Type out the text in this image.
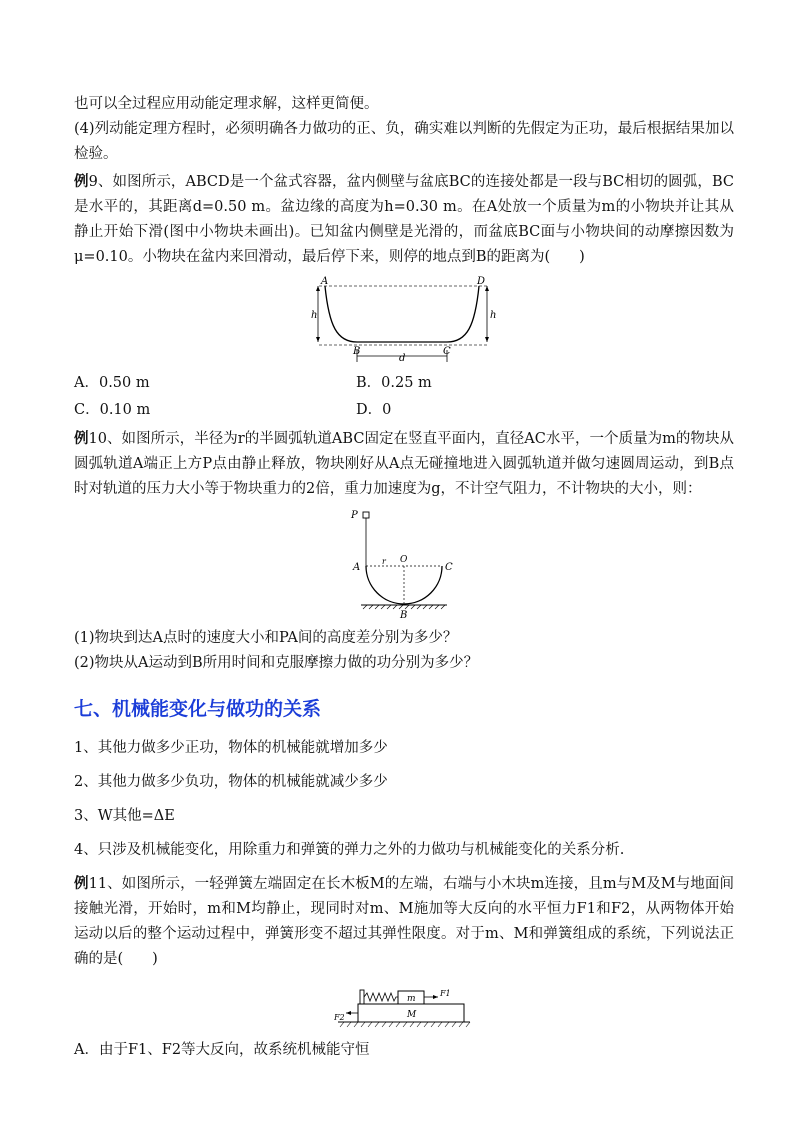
也可以全过程应用动能定理求解，这样更简便。

(4)列动能定理方程时，必须明确各力做功的正、负，确实难以判断的先假定为正功，最后根据结果加以检验。

例9、如图所示，ABCD是一个盆式容器，盆内侧壁与盆底BC的连接处都是一段与BC相切的圆弧，BC是水平的，其距离d=0.50 m。盆边缘的高度为h=0.30 m。在A处放一个质量为m的小物块并让其从静止开始下滑(图中小物块未画出)。已知盆内侧壁是光滑的，而盆底BC面与小物块间的动摩擦因数为 μ=0.10。小物块在盆内来回滑动，最后停下来，则停的地点到B的距离为(　　)

A	D
h	h
B	C
d
A．0.50 m	B．0.25 m
C．0.10 m	D．0

例10、如图所示，半径为r的半圆弧轨道ABC固定在竖直平面内，直径AC水平，一个质量为m的物块从圆弧轨道A端正上方P点由静止释放，物块刚好从A点无碰撞地进入圆弧轨道并做匀速圆周运动，到B点时对轨道的压力大小等于物块重力的2倍，重力加速度为g，不计空气阻力，不计物块的大小，则：

P
O
r
A	C
B

(1)物块到达A点时的速度大小和PA间的高度差分别为多少？

(2)物块从A运动到B所用时间和克服摩擦力做的功分别为多少？

七、机械能变化与做功的关系

1、其他力做多少正功，物体的机械能就增加多少

2、其他力做多少负功，物体的机械能就减少多少

3、W其他=ΔE

4、只涉及机械能变化，用除重力和弹簧的弹力之外的力做功与机械能变化的关系分析.

例11、如图所示，一轻弹簧左端固定在长木板M的左端，右端与小木块m连接，且m与M及M与地面间接触光滑，开始时，m和M均静止，现同时对m、M施加等大反向的水平恒力F1和F2，从两物体开始运动以后的整个运动过程中，弹簧形变不超过其弹性限度。对于m、M和弹簧组成的系统，下列说法正确的是(　　)

m
M
F1
F2

A．由于F1、F2等大反向，故系统机械能守恒
